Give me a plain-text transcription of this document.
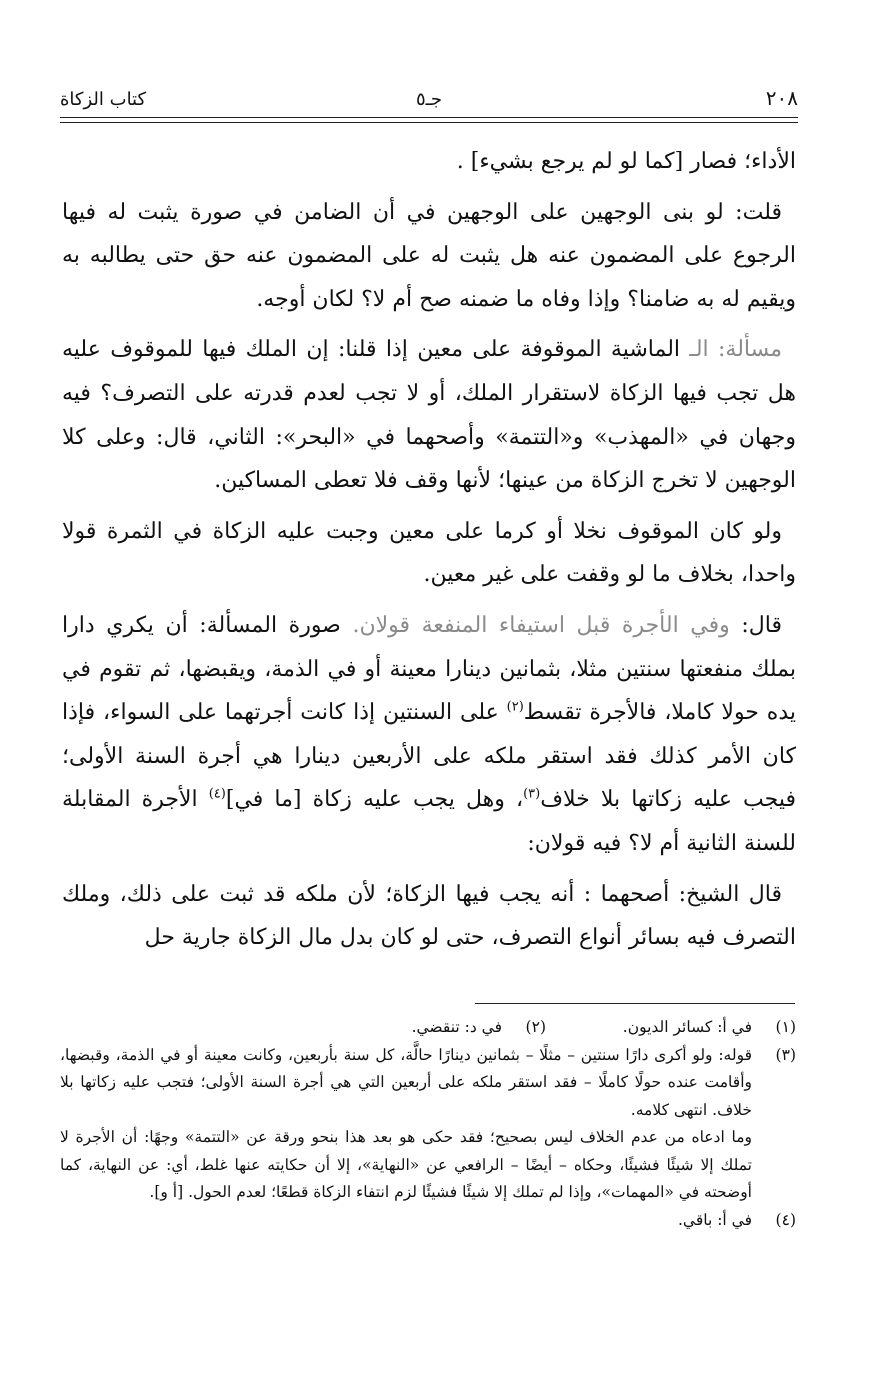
٢٠٨
جـ٥
كتاب الزكاة

الأداء؛ فصار [كما لو لم يرجع بشيء] .

قلت: لو بنى الوجهين على الوجهين في أن الضامن في صورة يثبت له فيها الرجوع على المضمون عنه هل يثبت له على المضمون عنه حق حتى يطالبه به ويقيم له به ضامنا؟ وإذا وفاه ما ضمنه صح أم لا؟ لكان أوجه.

مسألة: الـ الماشية الموقوفة على معين إذا قلنا: إن الملك فيها للموقوف عليه هل تجب فيها الزكاة لاستقرار الملك، أو لا تجب لعدم قدرته على التصرف؟ فيه وجهان في «المهذب» و«التتمة» وأصحهما في «البحر»: الثاني، قال: وعلى كلا الوجهين لا تخرج الزكاة من عينها؛ لأنها وقف فلا تعطى المساكين.

ولو كان الموقوف نخلا أو كرما على معين وجبت عليه الزكاة في الثمرة قولا واحدا، بخلاف ما لو وقفت على غير معين.

قال: وفي الأجرة قبل استيفاء المنفعة قولان. صورة المسألة: أن يكري دارا بملك منفعتها سنتين مثلا، بثمانين دينارا معينة أو في الذمة، ويقبضها، ثم تقوم في يده حولا كاملا، فالأجرة تقسط$^{(٢)}$ على السنتين إذا كانت أجرتهما على السواء، فإذا كان الأمر كذلك فقد استقر ملكه على الأربعين دينارا هي أجرة السنة الأولى؛ فيجب عليه زكاتها بلا خلاف$^{(٣)}$، وهل يجب عليه زكاة [ما في]$^{(٤)}$ الأجرة المقابلة للسنة الثانية أم لا؟ فيه قولان:

قال الشيخ: أصحهما : أنه يجب فيها الزكاة؛ لأن ملكه قد ثبت على ذلك، وملك التصرف فيه بسائر أنواع التصرف، حتى لو كان بدل مال الزكاة جارية حل

(١)
في أ: كسائر الديون.
(٢)
في د: تنقضي.
(٣)
قوله: ولو أكرى دارًا سنتين – مثلًا – بثمانين دينارًا حالَّة، كل سنة بأربعين، وكانت معينة أو في الذمة، وقبضها، وأقامت عنده حولًا كاملًا – فقد استقر ملكه على أربعين التي هي أجرة السنة الأولى؛ فتجب عليه زكاتها بلا خلاف. انتهى كلامه.
وما ادعاه من عدم الخلاف ليس بصحيح؛ فقد حكى هو بعد هذا بنحو ورقة عن «التتمة» وجهًا: أن الأجرة لا تملك إلا شيئًا فشيئًا، وحكاه – أيضًا – الرافعي عن «النهاية»، إلا أن حكايته عنها غلط، أي: عن النهاية، كما أوضحته في «المهمات»، وإذا لم تملك إلا شيئًا فشيئًا لزم انتفاء الزكاة قطعًا؛ لعدم الحول. [أ و].
(٤)
في أ: باقي.
